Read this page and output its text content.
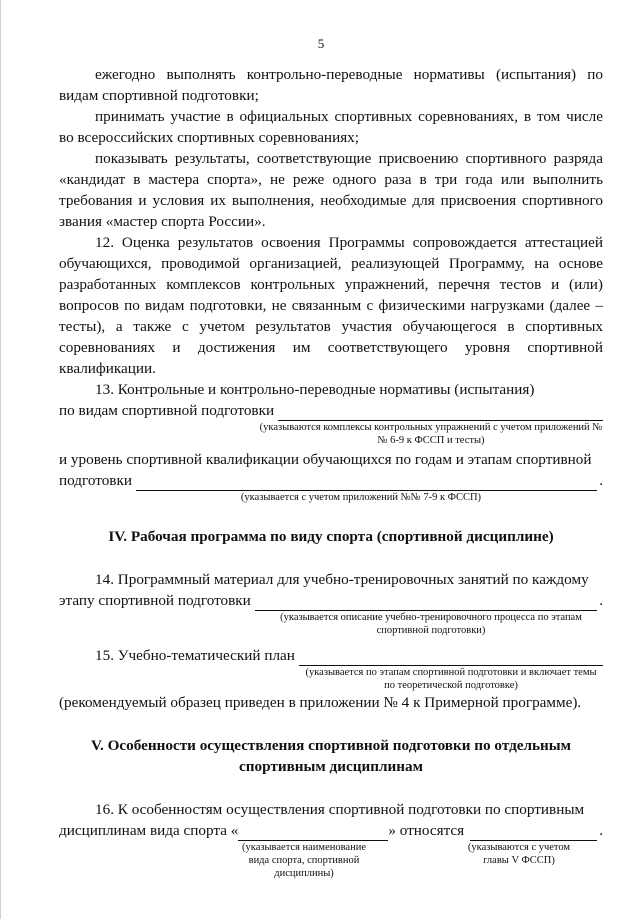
5

ежегодно выполнять контрольно-переводные нормативы (испытания) по видам спортивной подготовки;

принимать участие в официальных спортивных соревнованиях, в том числе во всероссийских спортивных соревнованиях;

показывать результаты, соответствующие присвоению спортивного разряда «кандидат в мастера спорта», не реже одного раза в три года или выполнить требования и условия их выполнения, необходимые для присвоения спортивного звания «мастер спорта России».

12. Оценка результатов освоения Программы сопровождается аттестацией обучающихся, проводимой организацией, реализующей Программу, на основе разработанных комплексов контрольных упражнений, перечня тестов и (или) вопросов по видам подготовки, не связанным с физическими нагрузками (далее – тесты), а также с учетом результатов участия обучающегося в спортивных соревнованиях и достижения им соответствующего уровня спортивной квалификации.

13. Контрольные и контрольно-переводные нормативы (испытания)

по видам спортивной подготовки
(указываются комплексы контрольных упражнений с учетом приложений №№ 6-9 к ФССП и тесты)

и уровень спортивной квалификации обучающихся по годам и этапам спортивной

подготовки	.
(указывается с учетом приложений №№ 7-9 к ФССП)
IV. Рабочая программа по виду спорта (спортивной дисциплине)

14. Программный материал для учебно-тренировочных занятий по каждому

этапу спортивной подготовки	.
(указывается описание учебно-тренировочного процесса по этапам спортивной подготовки)
15. Учебно-тематический план
(указывается по этапам спортивной подготовки и включает темы по теоретической подготовке)

(рекомендуемый образец приведен в приложении № 4 к Примерной программе).

V. Особенности осуществления спортивной подготовки по отдельным
спортивным дисциплинам

16. К особенностям осуществления спортивной подготовки по спортивным

дисциплинам вида спорта «	» относятся	.
(указывается наименование вида спорта, спортивной дисциплины)
(указываются с учетом главы V ФССП)
